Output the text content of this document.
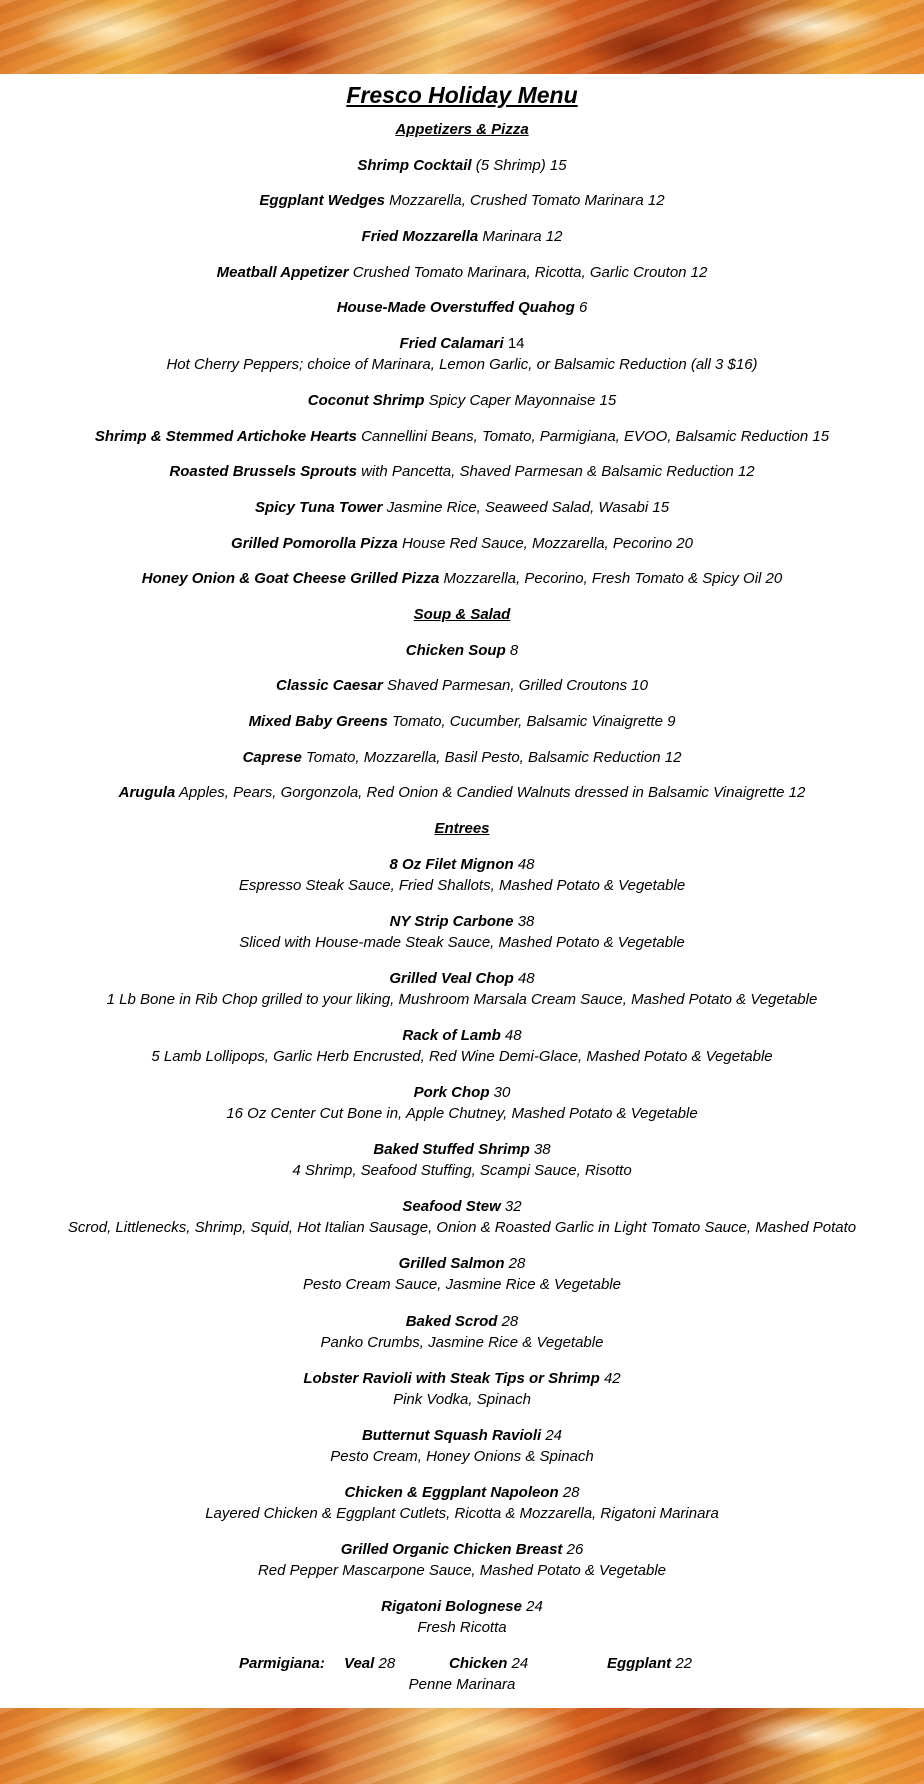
Fresco Holiday Menu
Appetizers & Pizza
Shrimp Cocktail (5 Shrimp) 15
Eggplant Wedges Mozzarella, Crushed Tomato Marinara 12
Fried Mozzarella Marinara 12
Meatball Appetizer Crushed Tomato Marinara, Ricotta, Garlic Crouton 12
House-Made Overstuffed Quahog 6
Fried Calamari 14
Hot Cherry Peppers; choice of Marinara, Lemon Garlic, or Balsamic Reduction (all 3 $16)
Coconut Shrimp Spicy Caper Mayonnaise 15
Shrimp & Stemmed Artichoke Hearts Cannellini Beans, Tomato, Parmigiana, EVOO, Balsamic Reduction 15
Roasted Brussels Sprouts with Pancetta, Shaved Parmesan & Balsamic Reduction 12
Spicy Tuna Tower Jasmine Rice, Seaweed Salad, Wasabi 15
Grilled Pomorolla Pizza House Red Sauce, Mozzarella, Pecorino 20
Honey Onion & Goat Cheese Grilled Pizza Mozzarella, Pecorino, Fresh Tomato & Spicy Oil 20
Soup & Salad
Chicken Soup 8
Classic Caesar Shaved Parmesan, Grilled Croutons 10
Mixed Baby Greens Tomato, Cucumber, Balsamic Vinaigrette 9
Caprese Tomato, Mozzarella, Basil Pesto, Balsamic Reduction 12
Arugula Apples, Pears, Gorgonzola, Red Onion & Candied Walnuts dressed in Balsamic Vinaigrette 12
Entrees
8 Oz Filet Mignon 48
Espresso Steak Sauce, Fried Shallots, Mashed Potato & Vegetable
NY Strip Carbone 38
Sliced with House-made Steak Sauce, Mashed Potato & Vegetable
Grilled Veal Chop 48
1 Lb Bone in Rib Chop grilled to your liking, Mushroom Marsala Cream Sauce, Mashed Potato & Vegetable
Rack of Lamb 48
5 Lamb Lollipops, Garlic Herb Encrusted, Red Wine Demi-Glace, Mashed Potato & Vegetable
Pork Chop 30
16 Oz Center Cut Bone in, Apple Chutney, Mashed Potato & Vegetable
Baked Stuffed Shrimp 38
4 Shrimp, Seafood Stuffing, Scampi Sauce, Risotto
Seafood Stew 32
Scrod, Littlenecks, Shrimp, Squid, Hot Italian Sausage, Onion & Roasted Garlic in Light Tomato Sauce, Mashed Potato
Grilled Salmon 28
Pesto Cream Sauce, Jasmine Rice & Vegetable
Baked Scrod 28
Panko Crumbs, Jasmine Rice & Vegetable
Lobster Ravioli with Steak Tips or Shrimp 42
Pink Vodka, Spinach
Butternut Squash Ravioli 24
Pesto Cream, Honey Onions & Spinach
Chicken & Eggplant Napoleon 28
Layered Chicken & Eggplant Cutlets, Ricotta & Mozzarella, Rigatoni Marinara
Grilled Organic Chicken Breast 26
Red Pepper Mascarpone Sauce, Mashed Potato & Vegetable
Rigatoni Bolognese 24
Fresh Ricotta
Parmigiana: Veal 28	Chicken 24	Eggplant 22
Penne Marinara
